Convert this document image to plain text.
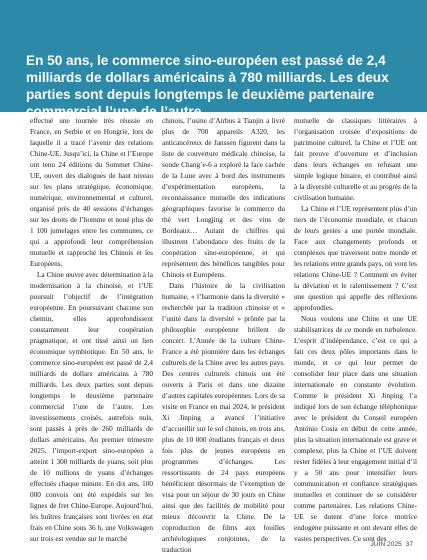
En 50 ans, le commerce sino-européen est passé de 2,4 milliards de dollars américains à 780 milliards. Les deux parties sont depuis longtemps le deuxième partenaire commercial l’une de l’autre.

effectué une tournée très réussie en France, en Serbie et en Hongrie, lors de laquelle il a tracé l’avenir des relations Chine-UE. Jusqu’ici, la Chine et l’Europe ont tenu 24 éditions du Sommet Chine-UE, ouvert des dialogues de haut niveau sur les plans stratégique, économique, numérique, environnemental et culturel, organisé près de 40 sessions d’échanges sur les droits de l’homme et noué plus de 1 100 jumelages entre les communes, ce qui a approfondi leur compréhension mutuelle et rapproché les Chinois et les Européens.

La Chine œuvre avec détermination à la modernisation à la chinoise, et l’UE poursuit l’objectif de l’intégration européenne. En poursuivant chacune son chemin, elles approfondissent constamment leur coopération pragmatique, et ont tissé ainsi un lien économique symbiotique. En 50 ans, le commerce sino-européen est passé de 2,4 milliards de dollars américains à 780 milliards. Les deux parties sont depuis longtemps le deuxième partenaire commercial l’une de l’autre. Les investissements croisés, autrefois nuls, sont passés à près de 260 milliards de dollars américains. Au premier trimestre 2025, l’import-export sino-européen a atteint 1 300 milliards de yuans, soit plus de 10 millions de yuans d’échanges effectués chaque minute. En dix ans, 100 000 convois ont été expédiés sur les lignes de fret Chine-Europe. Aujourd’hui, les huîtres françaises sont livrées en état frais en Chine sous 36 h, une Volkswagen sur trois est vendue sur le marché

chinois, l’usine d’Airbus à Tianjin a livré plus de 700 appareils A320, les anticancéreux de Janssen figurent dans la liste de couverture médicale chinoise, la sonde Chang’e-6 a exploré la face cachée de la Lune avec à bord des instruments d’expérimentation européens, la reconnaissance mutuelle des indications géographiques favorise le commerce du thé vert Longjing et des vins de Bordeaux… Autant de chiffres qui illustrent l’abondance des fruits de la coopération sino-européenne, et qui représentent des bénéfices tangibles pour Chinois et Européens.

Dans l’histoire de la civilisation humaine, « l’harmonie dans la diversité » recherchée par la tradition chinoise et « l’unité dans la diversité » prônée par la philosophie européenne brillent de concert. L’Année de la culture Chine-France a été pionnière dans les échanges culturels de la Chine avec les autres pays. Des centres culturels chinois ont été ouverts à Paris et dans une dizaine d’autres capitales européennes. Lors de sa visite en France en mai 2024, le président Xi Jinping a avancé l’initiative d’accueillir sur le sol chinois, en trois ans, plus de 10 000 étudiants français et deux fois plus de jeunes européens en programmes d’échanges. Les ressortissants de 24 pays européens bénéficient désormais de l’exemption de visa pour un séjour de 30 jours en Chine ainsi que des facilités de mobilité pour mieux découvrir la Chine. De la coproduction de films aux fouilles archéologiques conjointes, de la traduction

mutuelle de classiques littéraires à l’organisation croisée d’expositions de patrimoine culturel, la Chine et l’UE ont fait preuve d’ouverture et d’inclusion dans leurs échanges en refusant une simple logique binaire, et contribué ainsi à la diversité culturelle et au progrès de la civilisation humaine.

La Chine et l’UE représentent plus d’un tiers de l’économie mondiale, et chacun de leurs gestes a une portée mondiale. Face aux changements profonds et complexes que traversent notre monde et les relations entre grands pays, où vont les relations Chine-UE ? Comment en éviter la déviation et le ralentissement ? C’est une question qui appelle des réflexions approfondies.

Nous voulons une Chine et une UE stabilisatrices de ce monde en turbulence. L’esprit d’indépendance, c’est ce qui a fait ces deux pôles importants dans le monde, et ce qui leur permet de consolider leur place dans une situation internationale en constante évolution. Comme le président Xi Jinping l’a indiqué lors de son échange téléphonique avec le président du Conseil européen António Costa en début de cette année, plus la situation internationale est grave et complexe, plus la Chine et l’UE doivent rester fidèles à leur engagement initial d’il y a 50 ans pour intensifier leurs communication et confiance stratégiques mutuelles et continuer de se considérer comme partenaires. Les relations Chine-UE se dotent d’une force motrice endogène puissante et ont devant elles de vastes perspectives. Ce sont des

JUIN 2025 37
